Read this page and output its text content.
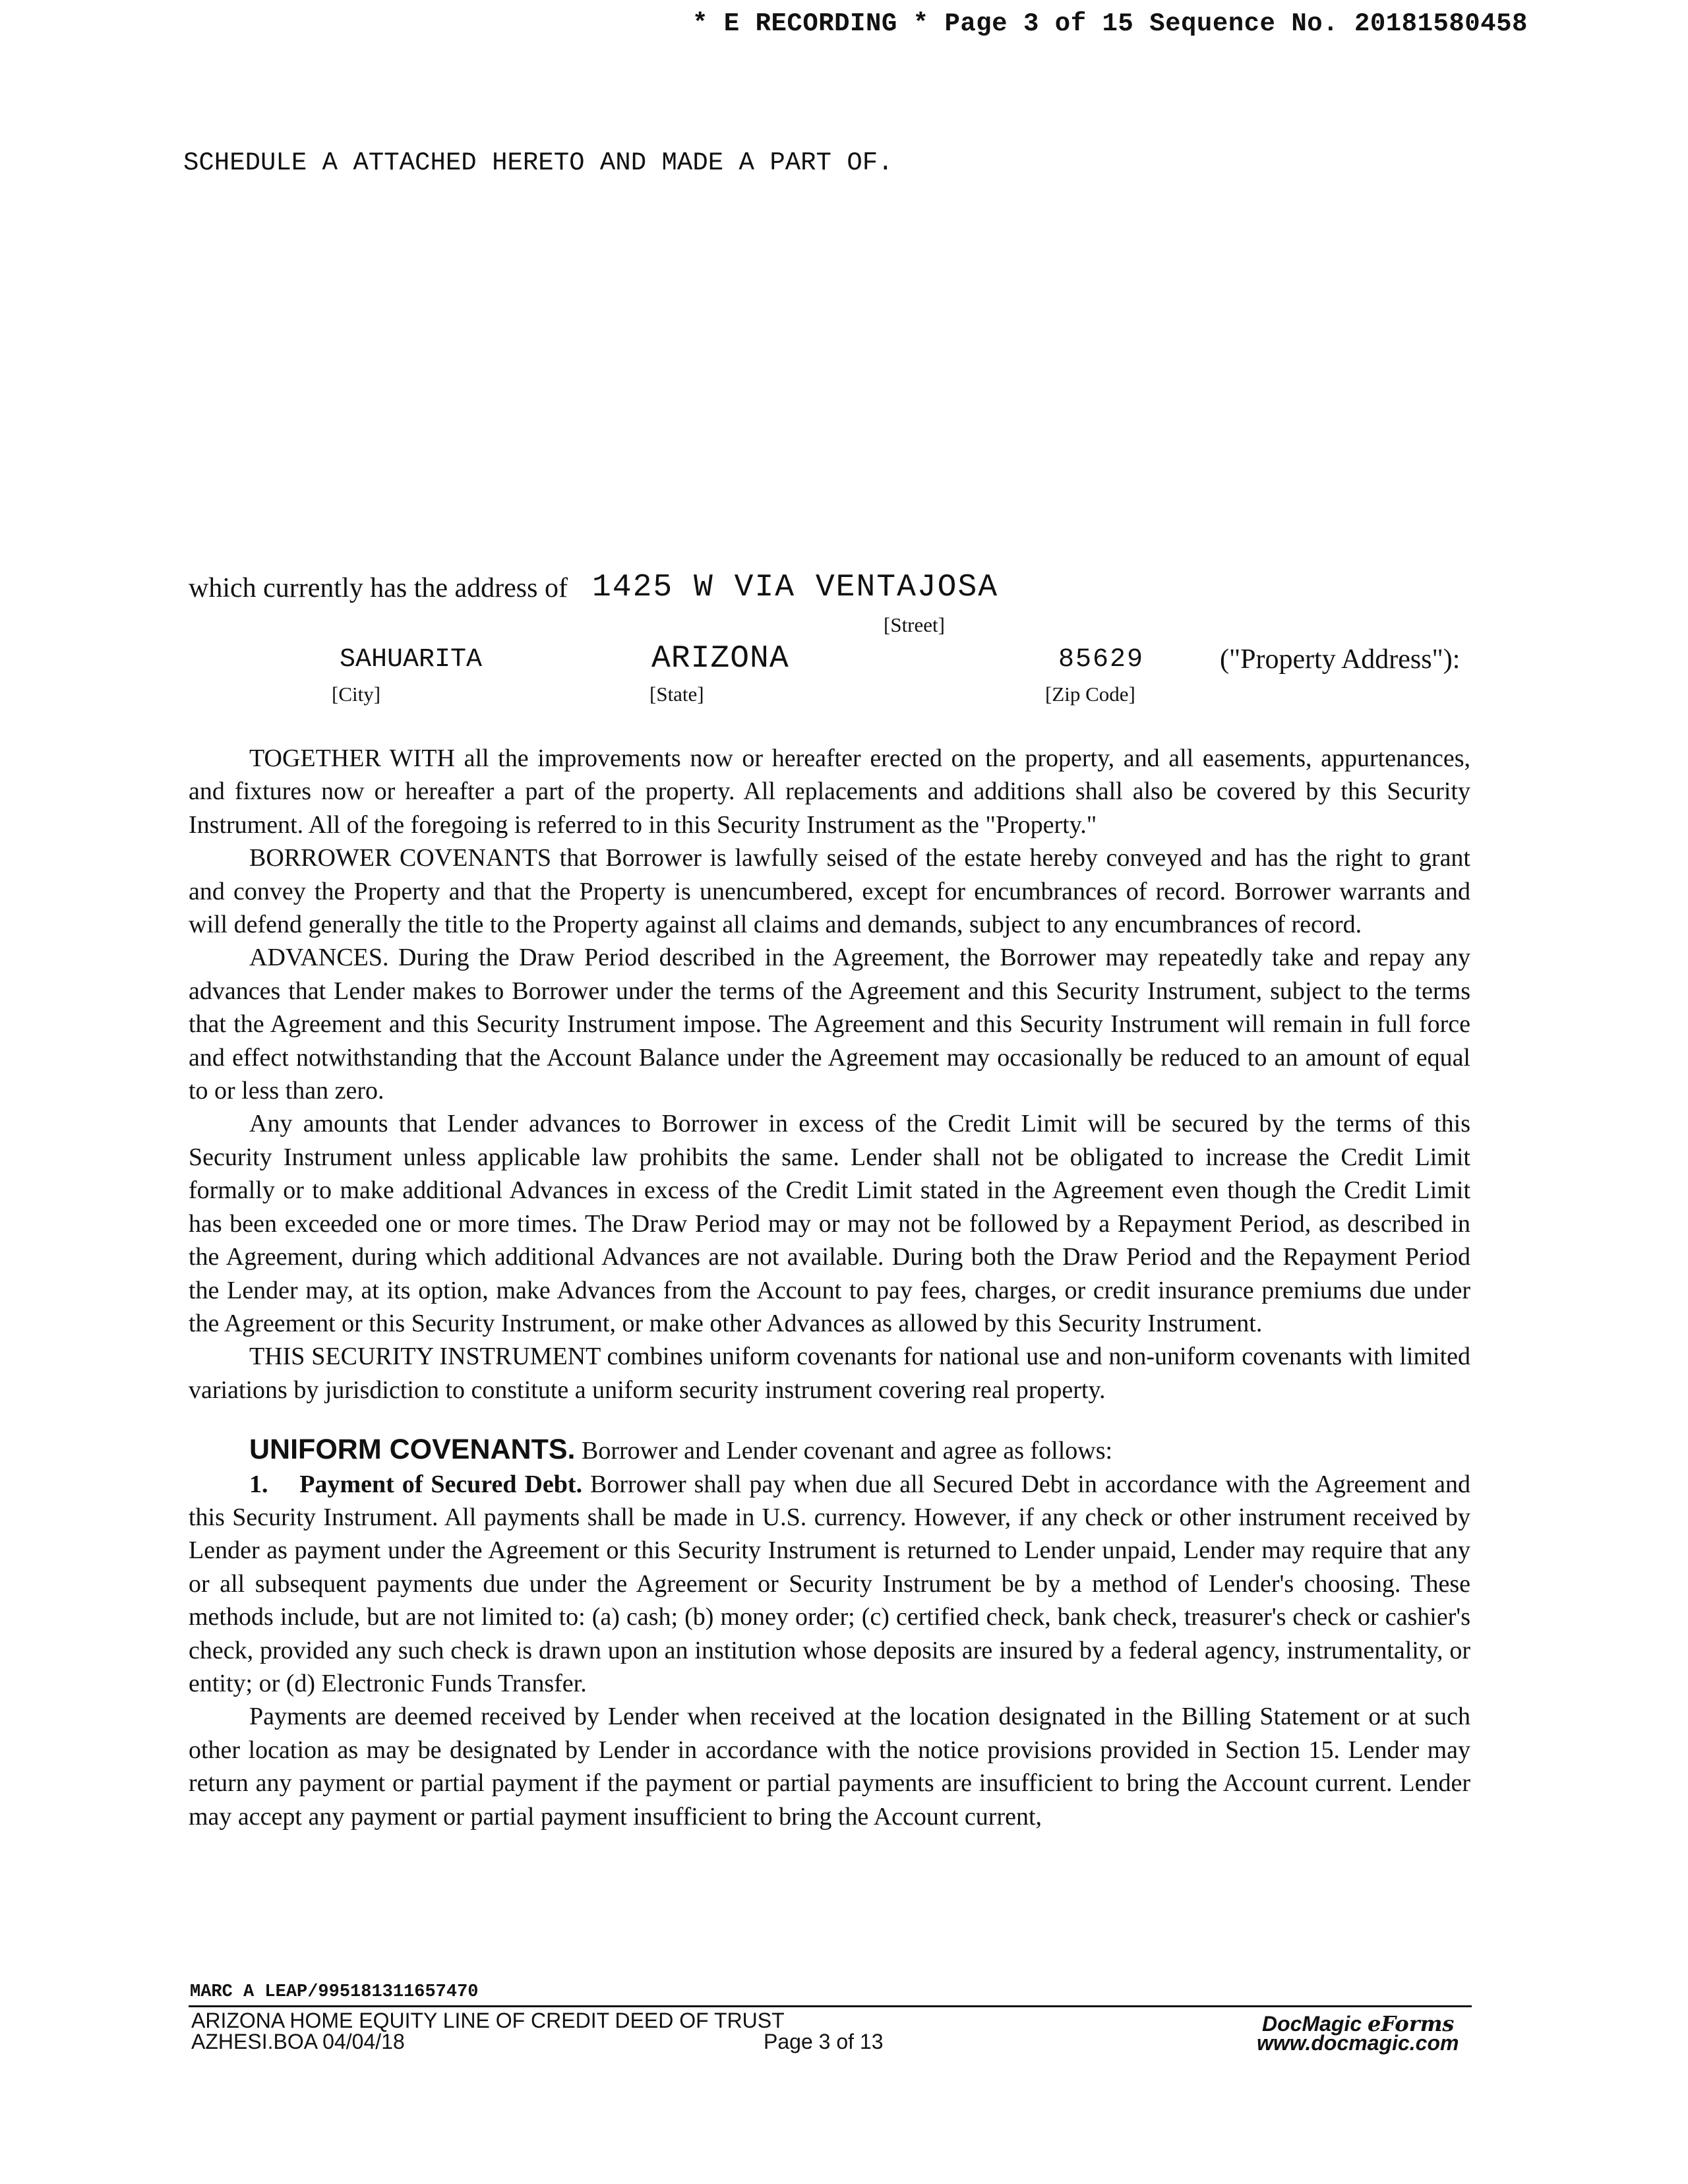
* E RECORDING * Page 3 of 15 Sequence No. 20181580458
SCHEDULE A ATTACHED HERETO AND MADE A PART OF.
which currently has the address of 1425 W VIA VENTAJOSA
[Street]
SAHUARITA	ARIZONA	85629	("Property Address"):
[City]	[State]	[Zip Code]

TOGETHER WITH all the improvements now or hereafter erected on the property, and all easements, appurtenances, and fixtures now or hereafter a part of the property. All replacements and additions shall also be covered by this Security Instrument. All of the foregoing is referred to in this Security Instrument as the "Property."

BORROWER COVENANTS that Borrower is lawfully seised of the estate hereby conveyed and has the right to grant and convey the Property and that the Property is unencumbered, except for encumbrances of record. Borrower warrants and will defend generally the title to the Property against all claims and demands, subject to any encumbrances of record.

ADVANCES. During the Draw Period described in the Agreement, the Borrower may repeatedly take and repay any advances that Lender makes to Borrower under the terms of the Agreement and this Security Instrument, subject to the terms that the Agreement and this Security Instrument impose. The Agreement and this Security Instrument will remain in full force and effect notwithstanding that the Account Balance under the Agreement may occasionally be reduced to an amount of equal to or less than zero.

Any amounts that Lender advances to Borrower in excess of the Credit Limit will be secured by the terms of this Security Instrument unless applicable law prohibits the same. Lender shall not be obligated to increase the Credit Limit formally or to make additional Advances in excess of the Credit Limit stated in the Agreement even though the Credit Limit has been exceeded one or more times. The Draw Period may or may not be followed by a Repayment Period, as described in the Agreement, during which additional Advances are not available. During both the Draw Period and the Repayment Period the Lender may, at its option, make Advances from the Account to pay fees, charges, or credit insurance premiums due under the Agreement or this Security Instrument, or make other Advances as allowed by this Security Instrument.

THIS SECURITY INSTRUMENT combines uniform covenants for national use and non-uniform covenants with limited variations by jurisdiction to constitute a uniform security instrument covering real property.

UNIFORM COVENANTS. Borrower and Lender covenant and agree as follows:

1. Payment of Secured Debt. Borrower shall pay when due all Secured Debt in accordance with the Agreement and this Security Instrument. All payments shall be made in U.S. currency. However, if any check or other instrument received by Lender as payment under the Agreement or this Security Instrument is returned to Lender unpaid, Lender may require that any or all subsequent payments due under the Agreement or Security Instrument be by a method of Lender's choosing. These methods include, but are not limited to: (a) cash; (b) money order; (c) certified check, bank check, treasurer's check or cashier's check, provided any such check is drawn upon an institution whose deposits are insured by a federal agency, instrumentality, or entity; or (d) Electronic Funds Transfer.

Payments are deemed received by Lender when received at the location designated in the Billing Statement or at such other location as may be designated by Lender in accordance with the notice provisions provided in Section 15. Lender may return any payment or partial payment if the payment or partial payments are insufficient to bring the Account current. Lender may accept any payment or partial payment insufficient to bring the Account current,

MARC A LEAP/995181311657470
ARIZONA HOME EQUITY LINE OF CREDIT DEED OF TRUST
AZHESI.BOA 04/04/18	Page 3 of 13
DocMagic eForms
www.docmagic.com
